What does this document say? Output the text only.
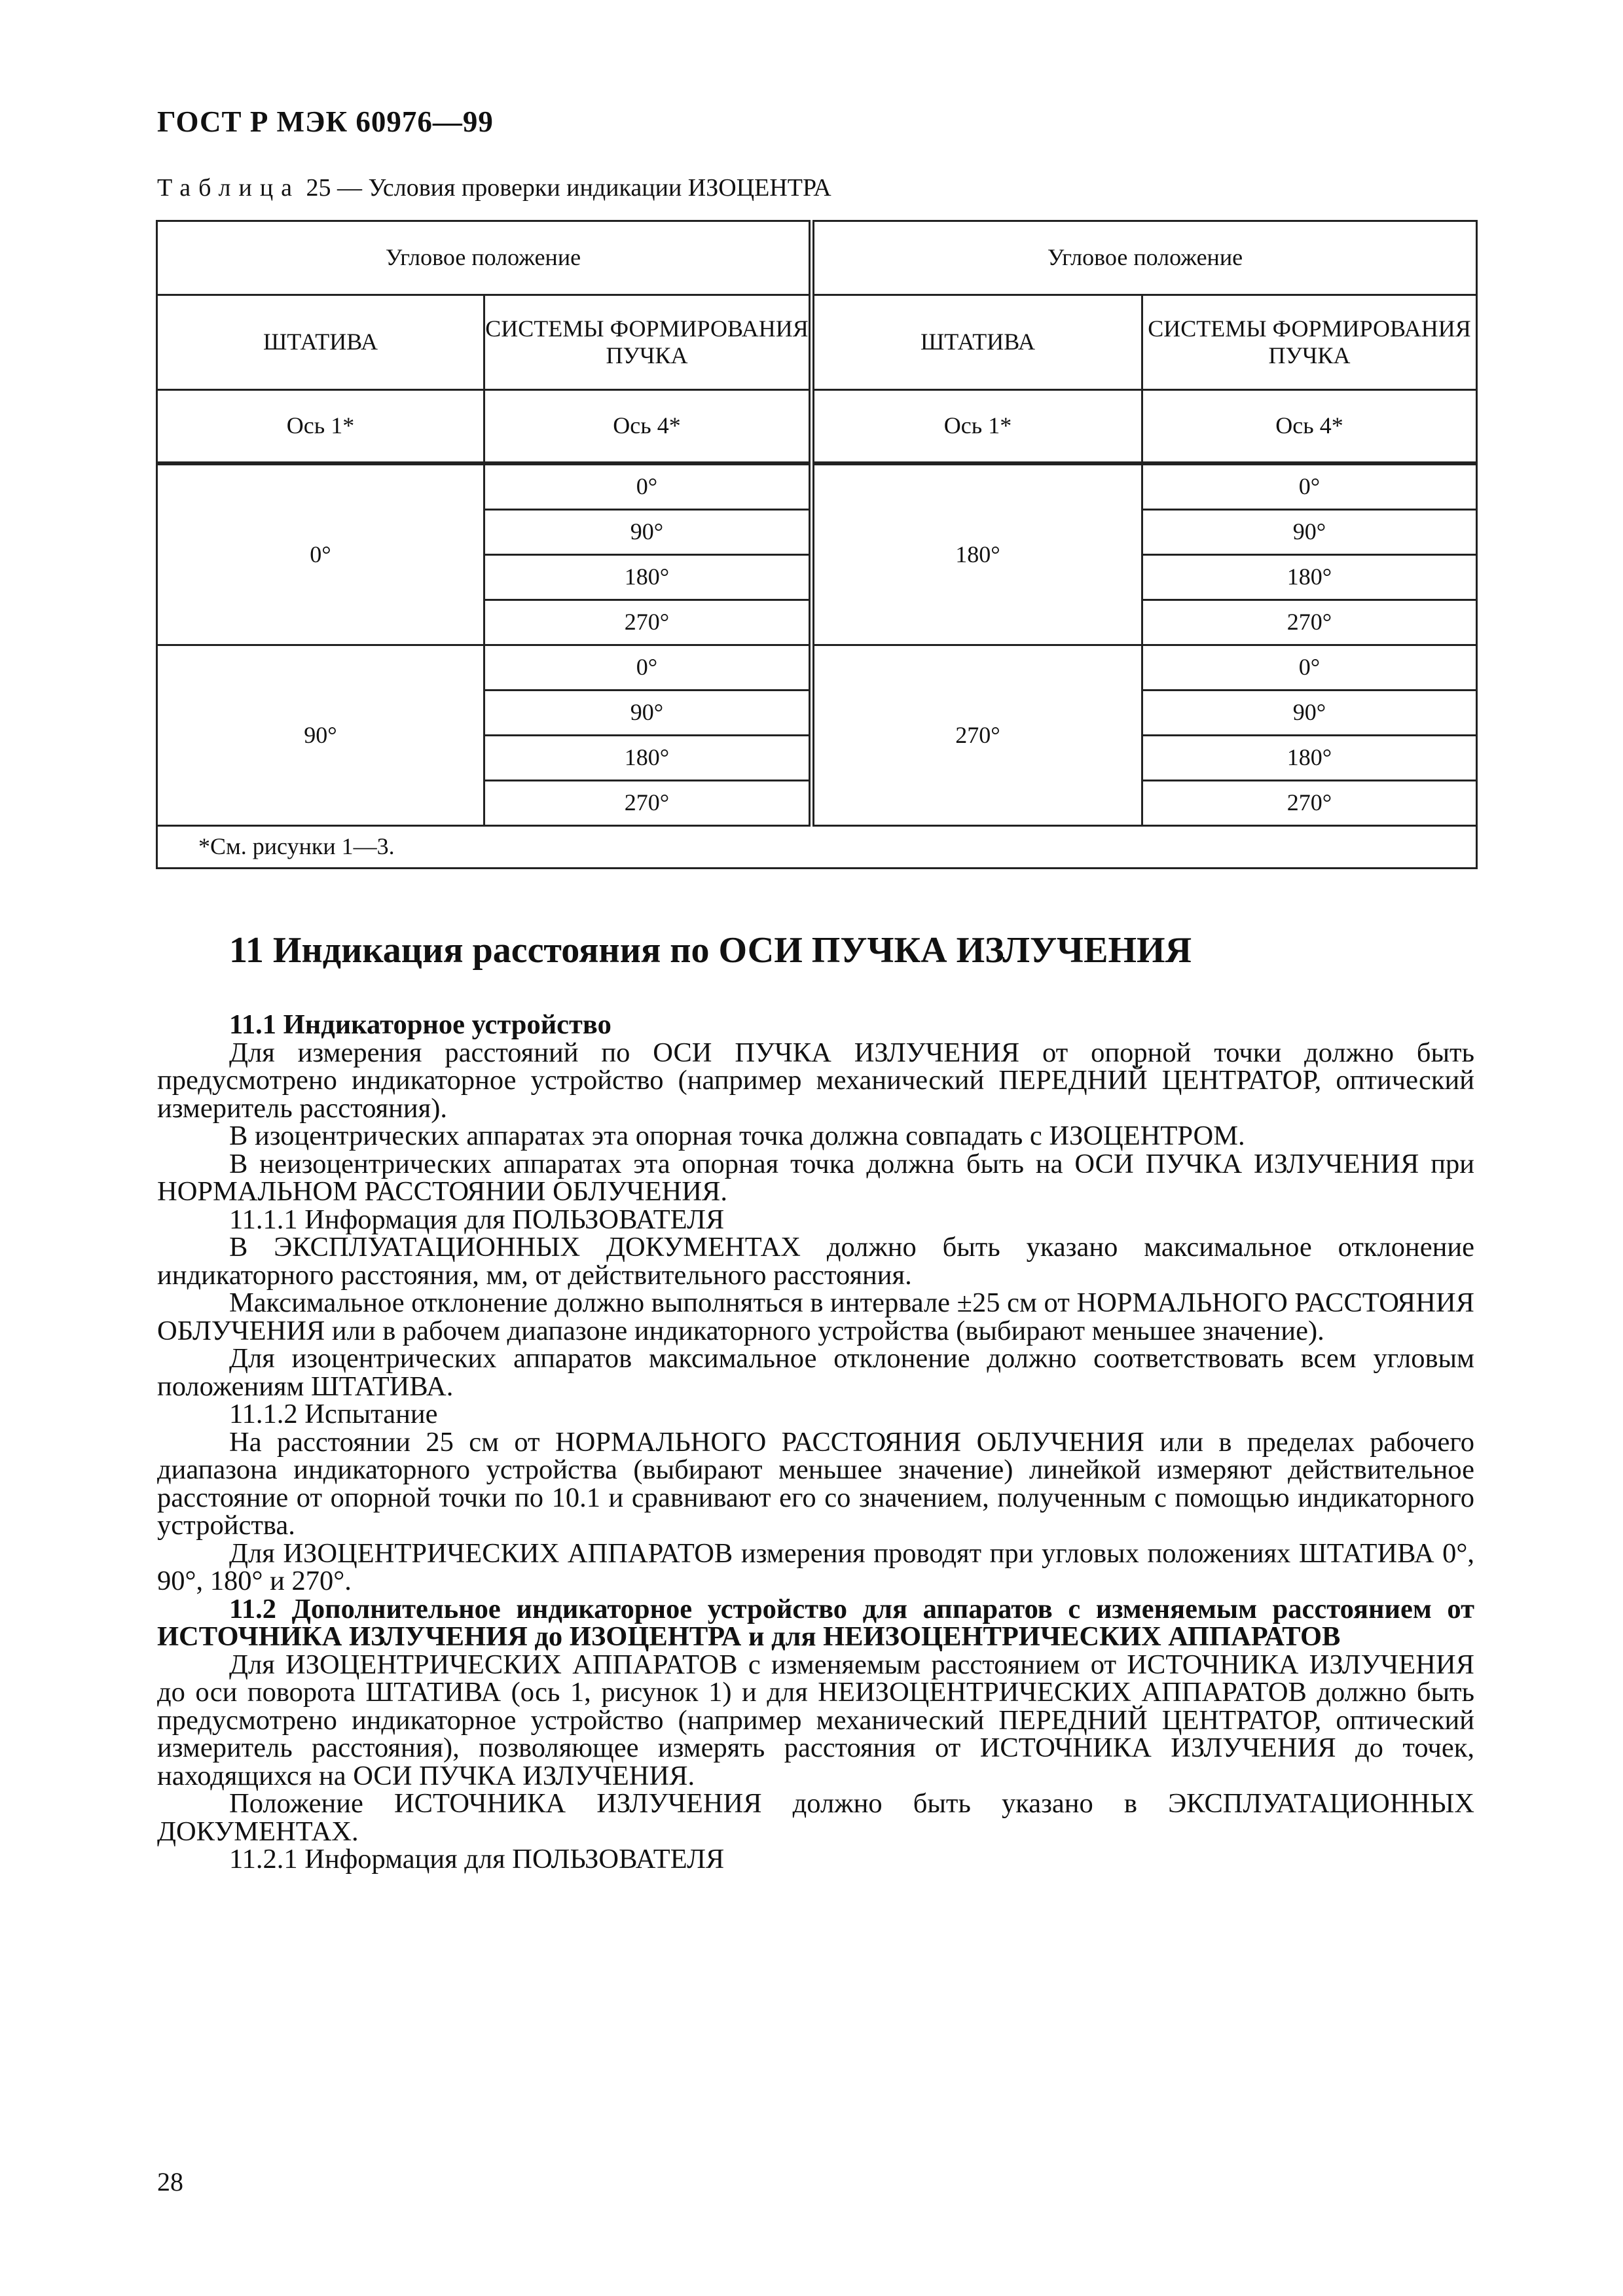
ГОСТ Р МЭК 60976—99
Таблица 25 — Условия проверки индикации ИЗОЦЕНТРА
Угловое положение		Угловое положение	
ШТАТИВА	СИСТЕМЫ ФОРМИРОВАНИЯ ПУЧКА	ШТАТИВА	СИСТЕМЫ ФОРМИРОВАНИЯ ПУЧКА
Ось 1*	Ось 4*	Ось 1*	Ось 4*
0°	0°	180°	0°
	90°		90°
	180°		180°
	270°		270°
90°	0°	270°	0°
	90°		90°
	180°		180°
	270°		270°
*См. рисунки 1—3.			
11 Индикация расстояния по ОСИ ПУЧКА ИЗЛУЧЕНИЯ

11.1 Индикаторное устройство

Для измерения расстояний по ОСИ ПУЧКА ИЗЛУЧЕНИЯ от опорной точки должно быть предусмотрено индикаторное устройство (например механический ПЕРЕДНИЙ ЦЕНТРАТОР, оптический измеритель расстояния).

В изоцентрических аппаратах эта опорная точка должна совпадать с ИЗОЦЕНТРОМ.

В неизоцентрических аппаратах эта опорная точка должна быть на ОСИ ПУЧКА ИЗЛУЧЕНИЯ при НОРМАЛЬНОМ РАССТОЯНИИ ОБЛУЧЕНИЯ.

11.1.1 Информация для ПОЛЬЗОВАТЕЛЯ

В ЭКСПЛУАТАЦИОННЫХ ДОКУМЕНТАХ должно быть указано максимальное отклонение индикаторного расстояния, мм, от действительного расстояния.

Максимальное отклонение должно выполняться в интервале ±25 см от НОРМАЛЬНОГО РАССТОЯНИЯ ОБЛУЧЕНИЯ или в рабочем диапазоне индикаторного устройства (выбирают меньшее значение).

Для изоцентрических аппаратов максимальное отклонение должно соответствовать всем угловым положениям ШТАТИВА.

11.1.2 Испытание

На расстоянии 25 см от НОРМАЛЬНОГО РАССТОЯНИЯ ОБЛУЧЕНИЯ или в пределах рабочего диапазона индикаторного устройства (выбирают меньшее значение) линейкой измеряют действительное расстояние от опорной точки по 10.1 и сравнивают его со значением, полученным с помощью индикаторного устройства.

Для ИЗОЦЕНТРИЧЕСКИХ АППАРАТОВ измерения проводят при угловых положениях ШТАТИВА 0°, 90°, 180° и 270°.

11.2 Дополнительное индикаторное устройство для аппаратов с изменяемым расстоянием от ИСТОЧНИКА ИЗЛУЧЕНИЯ до ИЗОЦЕНТРА и для НЕИЗОЦЕНТРИЧЕСКИХ АППАРАТОВ

Для ИЗОЦЕНТРИЧЕСКИХ АППАРАТОВ с изменяемым расстоянием от ИСТОЧНИКА ИЗЛУЧЕНИЯ до оси поворота ШТАТИВА (ось 1, рисунок 1) и для НЕИЗОЦЕНТРИЧЕСКИХ АППАРАТОВ должно быть предусмотрено индикаторное устройство (например механический ПЕРЕДНИЙ ЦЕНТРАТОР, оптический измеритель расстояния), позволяющее измерять расстояния от ИСТОЧНИКА ИЗЛУЧЕНИЯ до точек, находящихся на ОСИ ПУЧКА ИЗЛУЧЕНИЯ.

Положение ИСТОЧНИКА ИЗЛУЧЕНИЯ должно быть указано в ЭКСПЛУАТАЦИОННЫХ ДОКУМЕНТАХ.

11.2.1 Информация для ПОЛЬЗОВАТЕЛЯ

28
